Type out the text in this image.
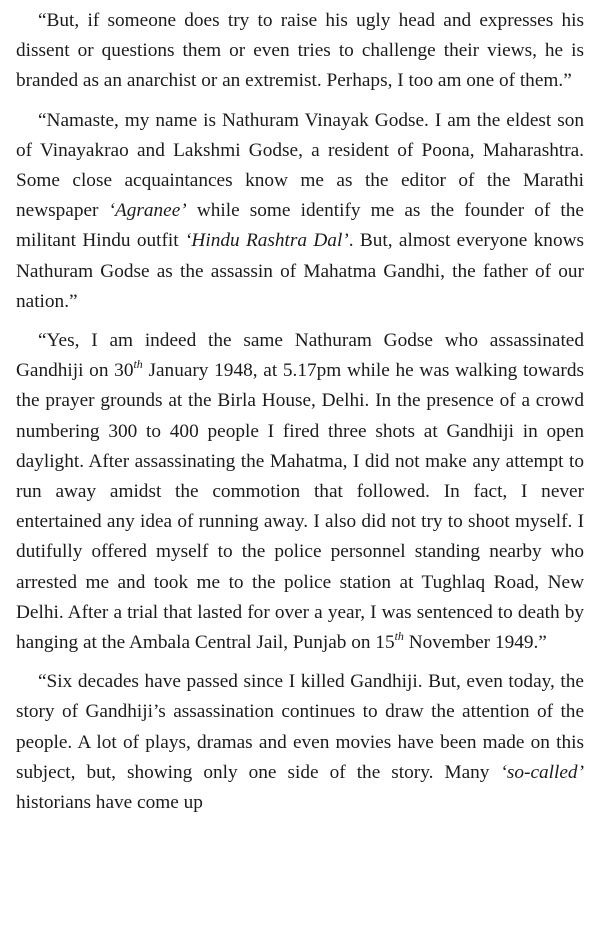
“But, if someone does try to raise his ugly head and expresses his dissent or questions them or even tries to challenge their views, he is branded as an anarchist or an extremist. Perhaps, I too am one of them.”

“Namaste, my name is Nathuram Vinayak Godse. I am the eldest son of Vinayakrao and Lakshmi Godse, a resident of Poona, Maharashtra. Some close acquaintances know me as the editor of the Marathi newspaper ‘Agranee’ while some identify me as the founder of the militant Hindu outfit ‘Hindu Rashtra Dal’. But, almost everyone knows Nathuram Godse as the assassin of Mahatma Gandhi, the father of our nation.”

“Yes, I am indeed the same Nathuram Godse who assassinated Gandhiji on 30th January 1948, at 5.17pm while he was walking towards the prayer grounds at the Birla House, Delhi. In the presence of a crowd numbering 300 to 400 people I fired three shots at Gandhiji in open daylight. After assassinating the Mahatma, I did not make any attempt to run away amidst the commotion that followed. In fact, I never entertained any idea of running away. I also did not try to shoot myself. I dutifully offered myself to the police personnel standing nearby who arrested me and took me to the police station at Tughlaq Road, New Delhi. After a trial that lasted for over a year, I was sentenced to death by hanging at the Ambala Central Jail, Punjab on 15th November 1949.”

“Six decades have passed since I killed Gandhiji. But, even today, the story of Gandhiji’s assassination continues to draw the attention of the people. A lot of plays, dramas and even movies have been made on this subject, but, showing only one side of the story. Many ‘so-called’ historians have come up
